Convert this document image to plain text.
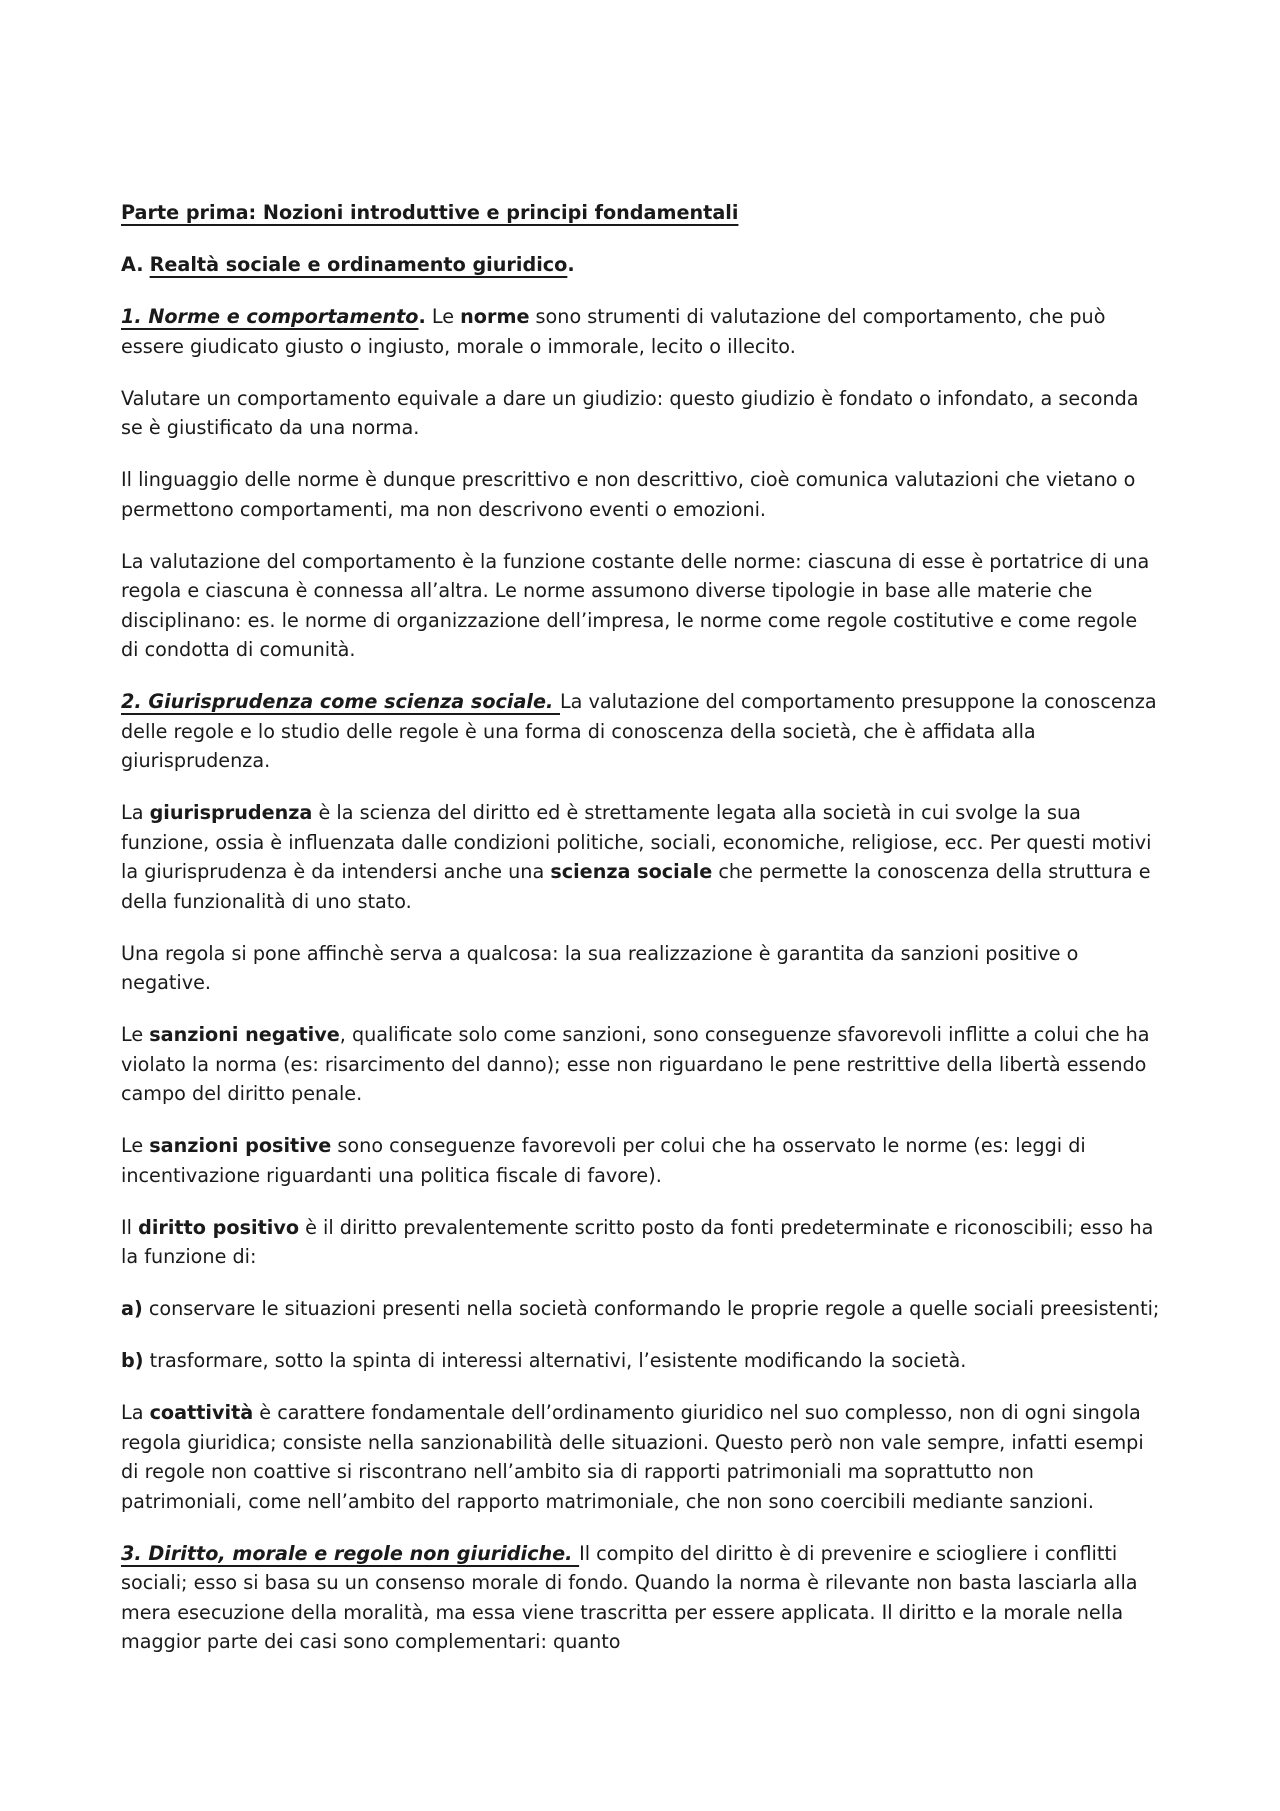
Parte prima: Nozioni introduttive e principi fondamentali

A. Realtà sociale e ordinamento giuridico.

1. Norme e comportamento. Le norme sono strumenti di valutazione del comportamento, che può essere giudicato giusto o ingiusto, morale o immorale, lecito o illecito.

Valutare un comportamento equivale a dare un giudizio: questo giudizio è fondato o infondato, a seconda se è giustificato da una norma.

Il linguaggio delle norme è dunque prescrittivo e non descrittivo, cioè comunica valutazioni che vietano o permettono comportamenti, ma non descrivono eventi o emozioni.

La valutazione del comportamento è la funzione costante delle norme: ciascuna di esse è portatrice di una regola e ciascuna è connessa all’altra. Le norme assumono diverse tipologie in base alle materie che disciplinano: es. le norme di organizzazione dell’impresa, le norme come regole costitutive e come regole di condotta di comunità.

2. Giurisprudenza come scienza sociale. La valutazione del comportamento presuppone la conoscenza delle regole e lo studio delle regole è una forma di conoscenza della società, che è affidata alla giurisprudenza.

La giurisprudenza è la scienza del diritto ed è strettamente legata alla società in cui svolge la sua funzione, ossia è influenzata dalle condizioni politiche, sociali, economiche, religiose, ecc. Per questi motivi la giurisprudenza è da intendersi anche una scienza sociale che permette la conoscenza della struttura e della funzionalità di uno stato.

Una regola si pone affinchè serva a qualcosa: la sua realizzazione è garantita da sanzioni positive o negative.

Le sanzioni negative, qualificate solo come sanzioni, sono conseguenze sfavorevoli inflitte a colui che ha violato la norma (es: risarcimento del danno); esse non riguardano le pene restrittive della libertà essendo campo del diritto penale.

Le sanzioni positive sono conseguenze favorevoli per colui che ha osservato le norme (es: leggi di incentivazione riguardanti una politica fiscale di favore).

Il diritto positivo è il diritto prevalentemente scritto posto da fonti predeterminate e riconoscibili; esso ha la funzione di:

a) conservare le situazioni presenti nella società conformando le proprie regole a quelle sociali preesistenti;

b) trasformare, sotto la spinta di interessi alternativi, l’esistente modificando la società.

La coattività è carattere fondamentale dell’ordinamento giuridico nel suo complesso, non di ogni singola regola giuridica; consiste nella sanzionabilità delle situazioni. Questo però non vale sempre, infatti esempi di regole non coattive si riscontrano nell’ambito sia di rapporti patrimoniali ma soprattutto non patrimoniali, come nell’ambito del rapporto matrimoniale, che non sono coercibili mediante sanzioni.

3. Diritto, morale e regole non giuridiche. Il compito del diritto è di prevenire e sciogliere i conflitti sociali; esso si basa su un consenso morale di fondo. Quando la norma è rilevante non basta lasciarla alla mera esecuzione della moralità, ma essa viene trascritta per essere applicata. Il diritto e la morale nella maggior parte dei casi sono complementari: quanto
